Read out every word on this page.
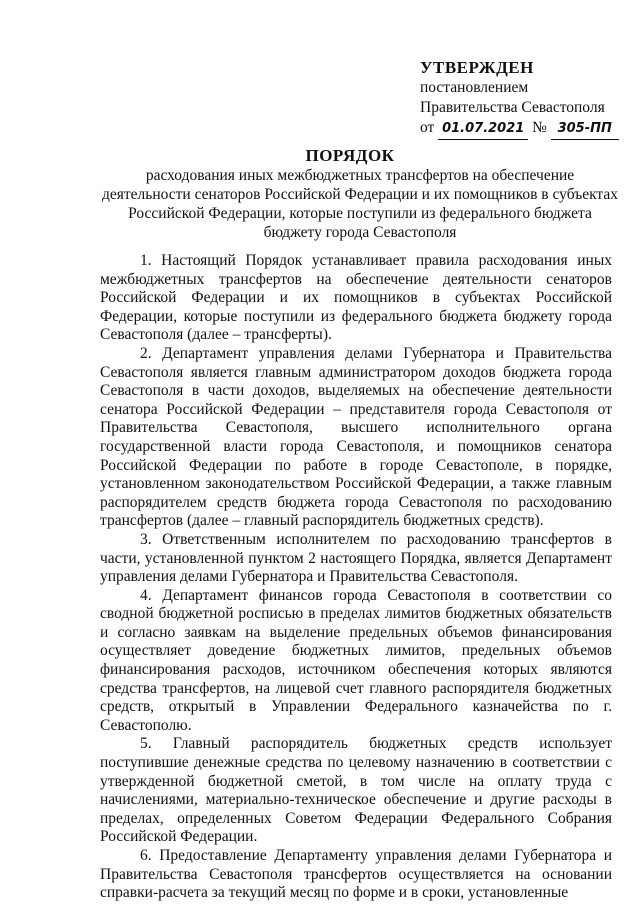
УТВЕРЖДЕН
постановлением
Правительства Севастополя
от 01.07.2021 № 305-ПП
ПОРЯДОК
расходования иных межбюджетных трансфертов на обеспечение деятельности сенаторов Российской Федерации и их помощников в субъектах Российской Федерации, которые поступили из федерального бюджета бюджету города Севастополя

1. Настоящий Порядок устанавливает правила расходования иных межбюджетных трансфертов на обеспечение деятельности сенаторов Российской Федерации и их помощников в субъектах Российской Федерации, которые поступили из федерального бюджета бюджету города Севастополя (далее – трансферты).

2. Департамент управления делами Губернатора и Правительства Севастополя является главным администратором доходов бюджета города Севастополя в части доходов, выделяемых на обеспечение деятельности сенатора Российской Федерации – представителя города Севастополя от Правительства Севастополя, высшего исполнительного органа государственной власти города Севастополя, и помощников сенатора Российской Федерации по работе в городе Севастополе, в порядке, установленном законодательством Российской Федерации, а также главным распорядителем средств бюджета города Севастополя по расходованию трансфертов (далее – главный распорядитель бюджетных средств).

3. Ответственным исполнителем по расходованию трансфертов в части, установленной пунктом 2 настоящего Порядка, является Департамент управления делами Губернатора и Правительства Севастополя.

4. Департамент финансов города Севастополя в соответствии со сводной бюджетной росписью в пределах лимитов бюджетных обязательств и согласно заявкам на выделение предельных объемов финансирования осуществляет доведение бюджетных лимитов, предельных объемов финансирования расходов, источником обеспечения которых являются средства трансфертов, на лицевой счет главного распорядителя бюджетных средств, открытый в Управлении Федерального казначейства по г. Севастополю.

5. Главный распорядитель бюджетных средств использует поступившие денежные средства по целевому назначению в соответствии с утвержденной бюджетной сметой, в том числе на оплату труда с начислениями, материально-техническое обеспечение и другие расходы в пределах, определенных Советом Федерации Федерального Собрания Российской Федерации.

6. Предоставление Департаменту управления делами Губернатора и Правительства Севастополя трансфертов осуществляется на основании справки-расчета за текущий месяц по форме и в сроки, установленные
